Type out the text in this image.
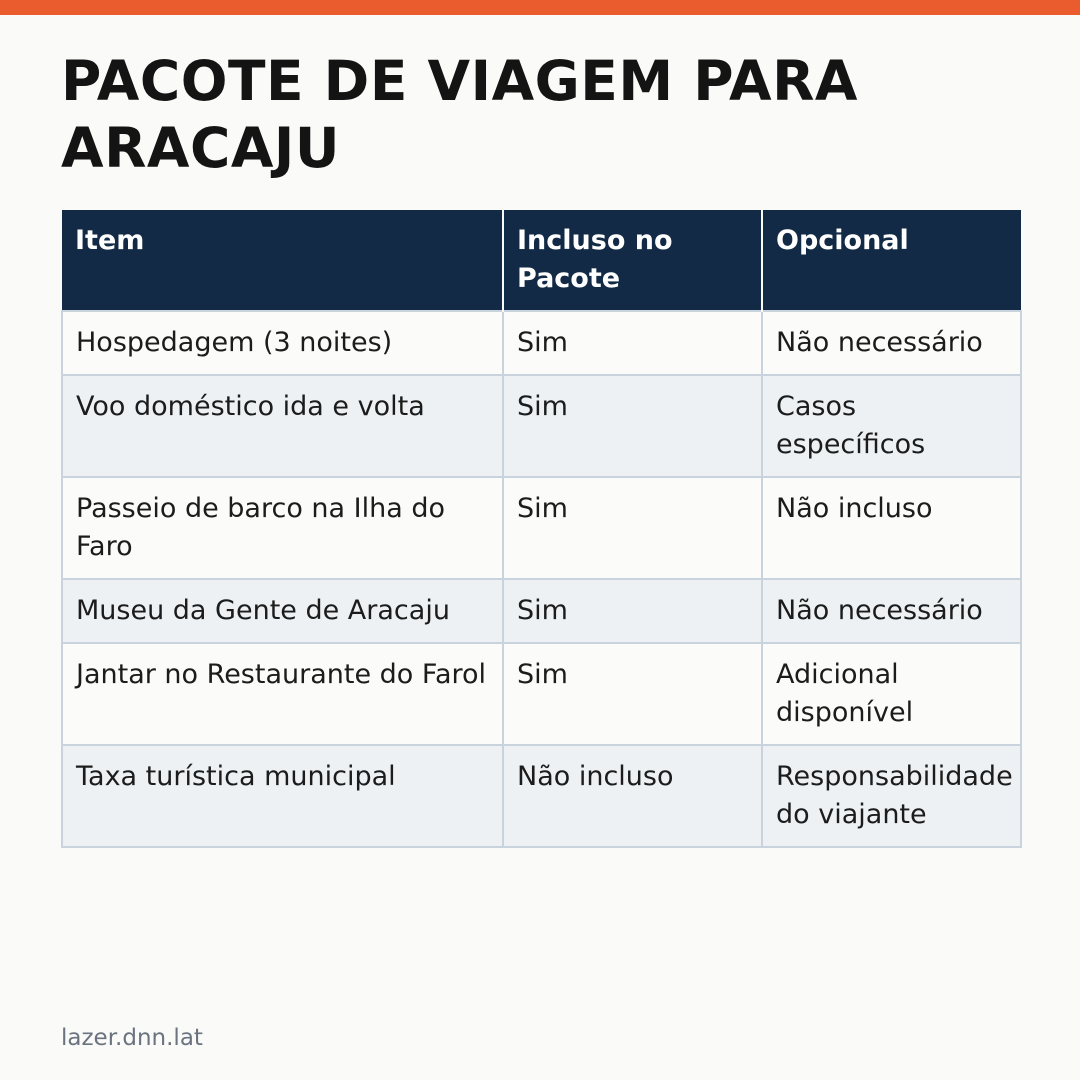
PACOTE DE VIAGEM PARA ARACAJU
Item	Incluso no Pacote	Opcional
Hospedagem (3 noites)	Sim	Não necessário
Voo doméstico ida e volta	Sim	Casos específicos
Passeio de barco na Ilha do Faro	Sim	Não incluso
Museu da Gente de Aracaju	Sim	Não necessário
Jantar no Restaurante do Farol	Sim	Adicional disponível
Taxa turística municipal	Não incluso	Responsabilidade do viajante
lazer.dnn.lat
